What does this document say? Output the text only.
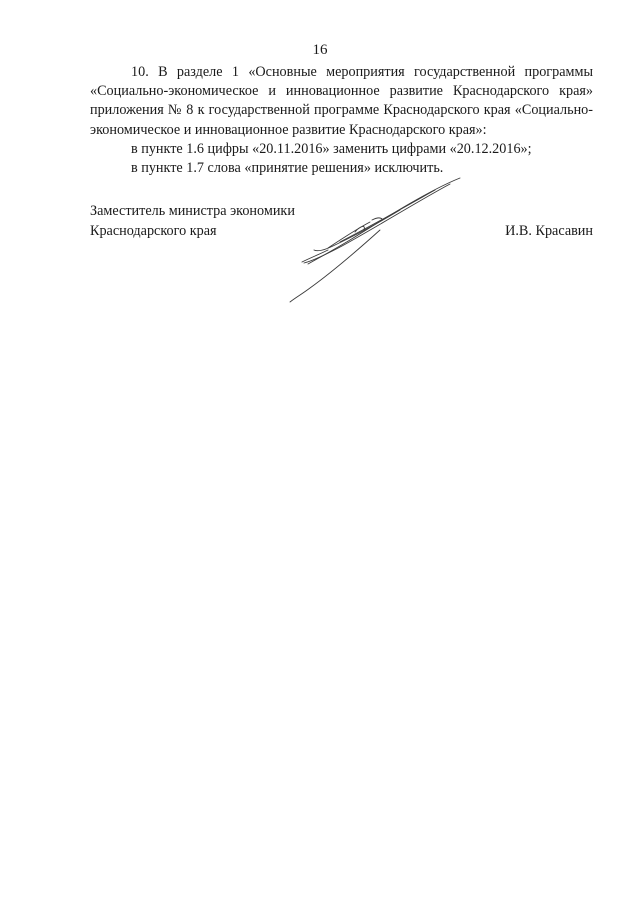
16

10. В разделе 1 «Основные мероприятия государственной программы «Социально-экономическое и инновационное развитие Краснодарского края» приложения № 8 к государственной программе Краснодарского края «Социально-экономическое и инновационное развитие Краснодарского края»:

в пункте 1.6 цифры «20.11.2016» заменить цифрами «20.12.2016»;

в пункте 1.7 слова «принятие решения» исключить.

Заместитель министра экономики
Краснодарского края	И.В. Красавин
